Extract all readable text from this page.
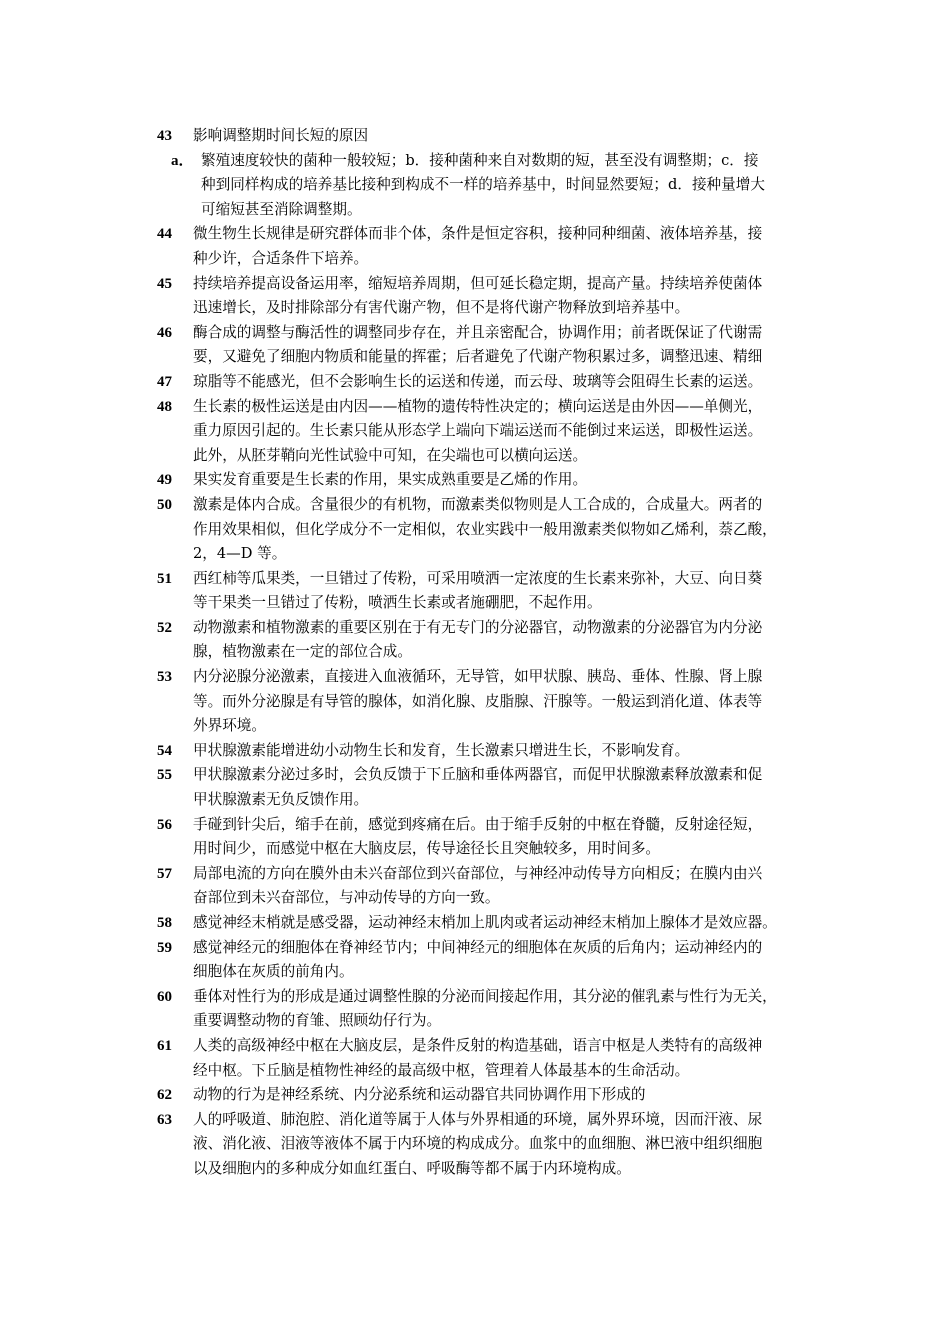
43	影响调整期时间长短的原因
a． 繁殖速度较快的菌种一般较短；b．接种菌种来自对数期的短，甚至没有调整期；c．接
种到同样构成的培养基比接种到构成不一样的培养基中，时间显然要短；d．接种量增大
可缩短甚至消除调整期。
44	微生物生长规律是研究群体而非个体，条件是恒定容积，接种同种细菌、液体培养基，接
种少许，合适条件下培养。
45	持续培养提高设备运用率，缩短培养周期，但可延长稳定期，提高产量。持续培养使菌体
迅速增长，及时排除部分有害代谢产物，但不是将代谢产物释放到培养基中。
46	酶合成的调整与酶活性的调整同步存在，并且亲密配合，协调作用；前者既保证了代谢需
要，又避免了细胞内物质和能量的挥霍；后者避免了代谢产物积累过多，调整迅速、精细
47	琼脂等不能感光，但不会影响生长的运送和传递，而云母、玻璃等会阻碍生长素的运送。
48	生长素的极性运送是由内因——植物的遗传特性决定的；横向运送是由外因——单侧光，
重力原因引起的。生长素只能从形态学上端向下端运送而不能倒过来运送，即极性运送。
此外，从胚芽鞘向光性试验中可知，在尖端也可以横向运送。
49	果实发育重要是生长素的作用，果实成熟重要是乙烯的作用。
50	激素是体内合成。含量很少的有机物，而激素类似物则是人工合成的，合成量大。两者的
作用效果相似，但化学成分不一定相似，农业实践中一般用激素类似物如乙烯利，萘乙酸，
2，4—D 等。
51	西红柿等瓜果类，一旦错过了传粉，可采用喷洒一定浓度的生长素来弥补，大豆、向日葵
等干果类一旦错过了传粉，喷洒生长素或者施硼肥，不起作用。
52	动物激素和植物激素的重要区别在于有无专门的分泌器官，动物激素的分泌器官为内分泌
腺，植物激素在一定的部位合成。
53	内分泌腺分泌激素，直接进入血液循环，无导管，如甲状腺、胰岛、垂体、性腺、肾上腺
等。而外分泌腺是有导管的腺体，如消化腺、皮脂腺、汗腺等。一般运到消化道、体表等
外界环境。
54	甲状腺激素能增进幼小动物生长和发育，生长激素只增进生长，不影响发育。
55	甲状腺激素分泌过多时，会负反馈于下丘脑和垂体两器官，而促甲状腺激素释放激素和促
甲状腺激素无负反馈作用。
56	手碰到针尖后，缩手在前，感觉到疼痛在后。由于缩手反射的中枢在脊髓，反射途径短，
用时间少，而感觉中枢在大脑皮层，传导途径长且突触较多，用时间多。
57	局部电流的方向在膜外由未兴奋部位到兴奋部位，与神经冲动传导方向相反；在膜内由兴
奋部位到未兴奋部位，与冲动传导的方向一致。
58	感觉神经末梢就是感受器，运动神经末梢加上肌肉或者运动神经末梢加上腺体才是效应器。
59	感觉神经元的细胞体在脊神经节内；中间神经元的细胞体在灰质的后角内；运动神经内的
细胞体在灰质的前角内。
60	垂体对性行为的形成是通过调整性腺的分泌而间接起作用，其分泌的催乳素与性行为无关，
重要调整动物的育雏、照顾幼仔行为。
61	人类的高级神经中枢在大脑皮层，是条件反射的构造基础，语言中枢是人类特有的高级神
经中枢。下丘脑是植物性神经的最高级中枢，管理着人体最基本的生命活动。
62	动物的行为是神经系统、内分泌系统和运动器官共同协调作用下形成的
63	人的呼吸道、肺泡腔、消化道等属于人体与外界相通的环境，属外界环境，因而汗液、尿
液、消化液、泪液等液体不属于内环境的构成成分。血浆中的血细胞、淋巴液中组织细胞
以及细胞内的多种成分如血红蛋白、呼吸酶等都不属于内环境构成。
